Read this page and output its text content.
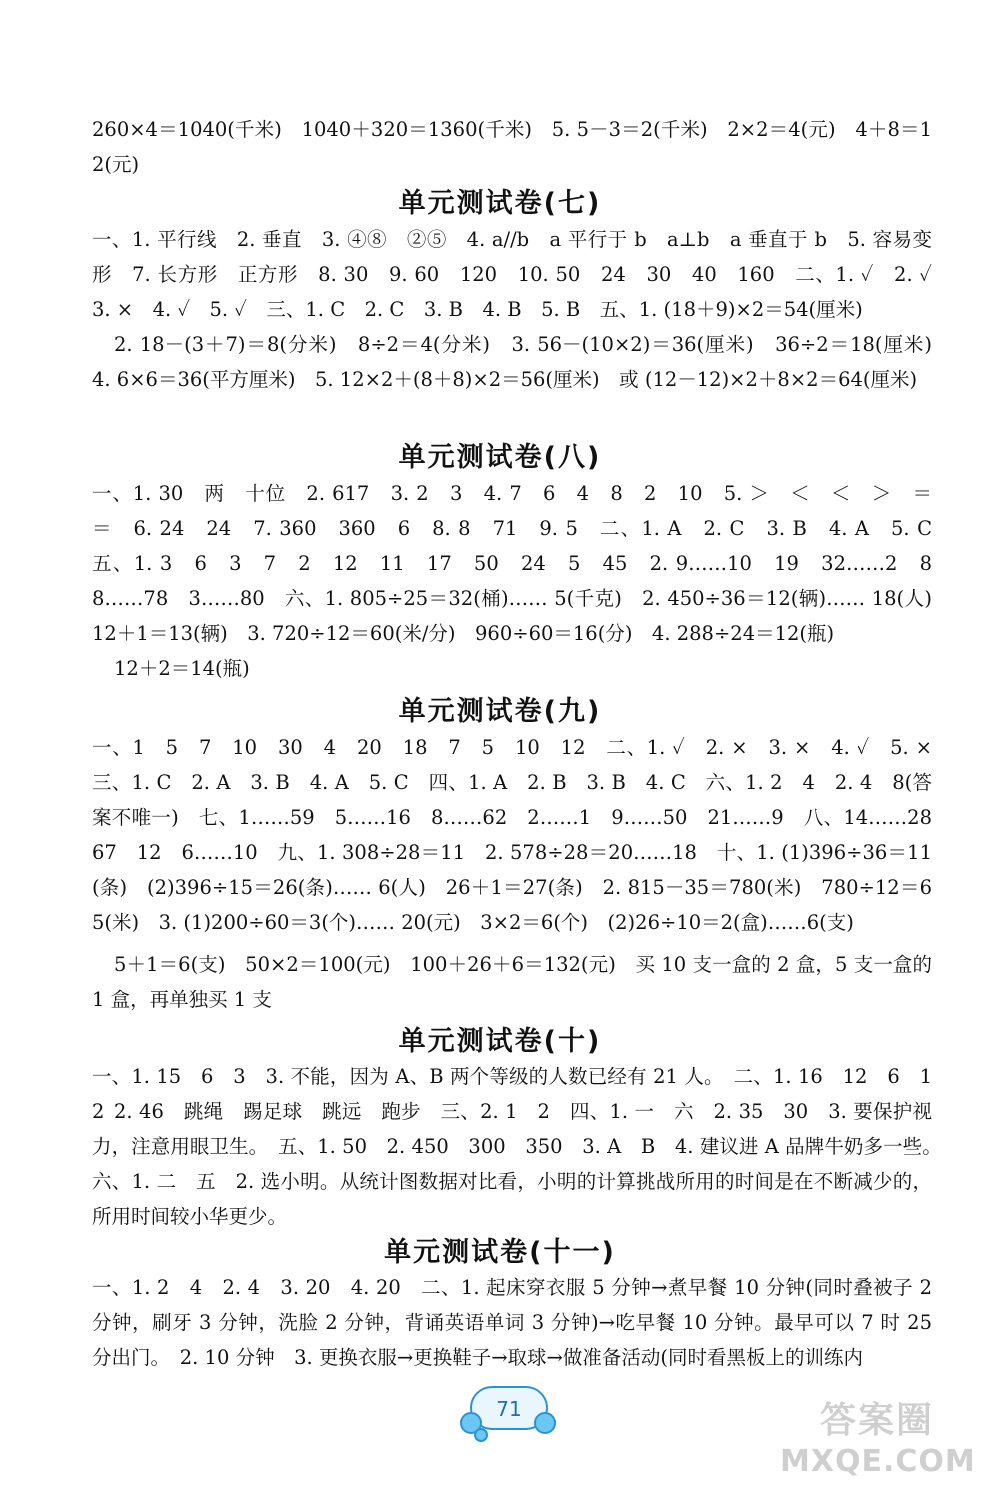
260×4＝1040(千米)　1040＋320＝1360(千米)　5. 5－3＝2(千米)　2×2＝4(元)　4＋8＝12(元)
单元测试卷(七)
一、1. 平行线　2. 垂直　3. ④⑧　②⑤　4. a//b　a 平行于 b　a⊥b　a 垂直于 b　5. 容易变形　7. 长方形　正方形　8. 30　9. 60　120　10. 50　24　30　40　160　二、1. ✓　2. ✓　3. ×　4. ✓　5. ✓　三、1. C　2. C　3. B　4. B　5. B　五、1. (18＋9)×2＝54(厘米)
2. 18－(3＋7)＝8(分米)　8÷2＝4(分米)　3. 56－(10×2)＝36(厘米)　36÷2＝18(厘米)　4. 6×6＝36(平方厘米)　5. 12×2＋(8＋8)×2＝56(厘米)　或 (12－12)×2＋8×2＝64(厘米)
单元测试卷(八)
一、1. 30　两　十位　2. 617　3. 2　3　4. 7　6　4　8　2　10　5. ＞　＜　＜　＞　＝　＝　6. 24　24　7. 360　360　6　8. 8　71　9. 5　二、1. A　2. C　3. B　4. A　5. C　五、1. 3　6　3　7　2　12　11　17　50　24　5　45　2. 9……10　19　32……2　8　8……78　3……80　六、1. 805÷25＝32(桶)…… 5(千克)　2. 450÷36＝12(辆)…… 18(人)　12＋1＝13(辆)　3. 720÷12＝60(米/分)　960÷60＝16(分)　4. 288÷24＝12(瓶)
12＋2＝14(瓶)
单元测试卷(九)
一、1　5　7　10　30　4　20　18　7　5　10　12　二、1. ✓　2. ×　3. ×　4. ✓　5. ×　三、1. C　2. A　3. B　4. A　5. C　四、1. A　2. B　3. B　4. C　六、1. 2　4　2. 4　8(答案不唯一)　七、1……59　5……16　8……62　2……1　9……50　21……9　八、14……28　67　12　6……10　九、1. 308÷28＝11　2. 578÷28＝20……18　十、1. (1)396÷36＝11(条)　(2)396÷15＝26(条)…… 6(人)　26＋1＝27(条)　2. 815－35＝780(米)　780÷12＝65(米)　3. (1)200÷60＝3(个)…… 20(元)　3×2＝6(个)　(2)26÷10＝2(盒)……6(支)
5＋1＝6(支)　50×2＝100(元)　100＋26＋6＝132(元)　买 10 支一盒的 2 盒，5 支一盒的 1 盒，再单独买 1 支
单元测试卷(十)
一、1. 15　6　3　3. 不能，因为 A、B 两个等级的人数已经有 21 人。　二、1. 16　12　6　12 2. 46　跳绳　踢足球　跳远　跑步　三、2. 1　2　四、1. 一　六　2. 35　30　3. 要保护视力，注意用眼卫生。　五、1. 50　2. 450　300　350　3. A　B　4. 建议进 A 品牌牛奶多一些。　六、1. 二　五　2. 选小明。从统计图数据对比看，小明的计算挑战所用的时间是在不断减少的，所用时间较小华更少。
单元测试卷(十一)
一、1. 2　4　2. 4　3. 20　4. 20　二、1. 起床穿衣服 5 分钟→煮早餐 10 分钟(同时叠被子 2 分钟，刷牙 3 分钟，洗脸 2 分钟，背诵英语单词 3 分钟)→吃早餐 10 分钟。最早可以 7 时 25 分出门。　2. 10 分钟　3. 更换衣服→更换鞋子→取球→做准备活动(同时看黑板上的训练内
71	答案圈
MXQE.COM
